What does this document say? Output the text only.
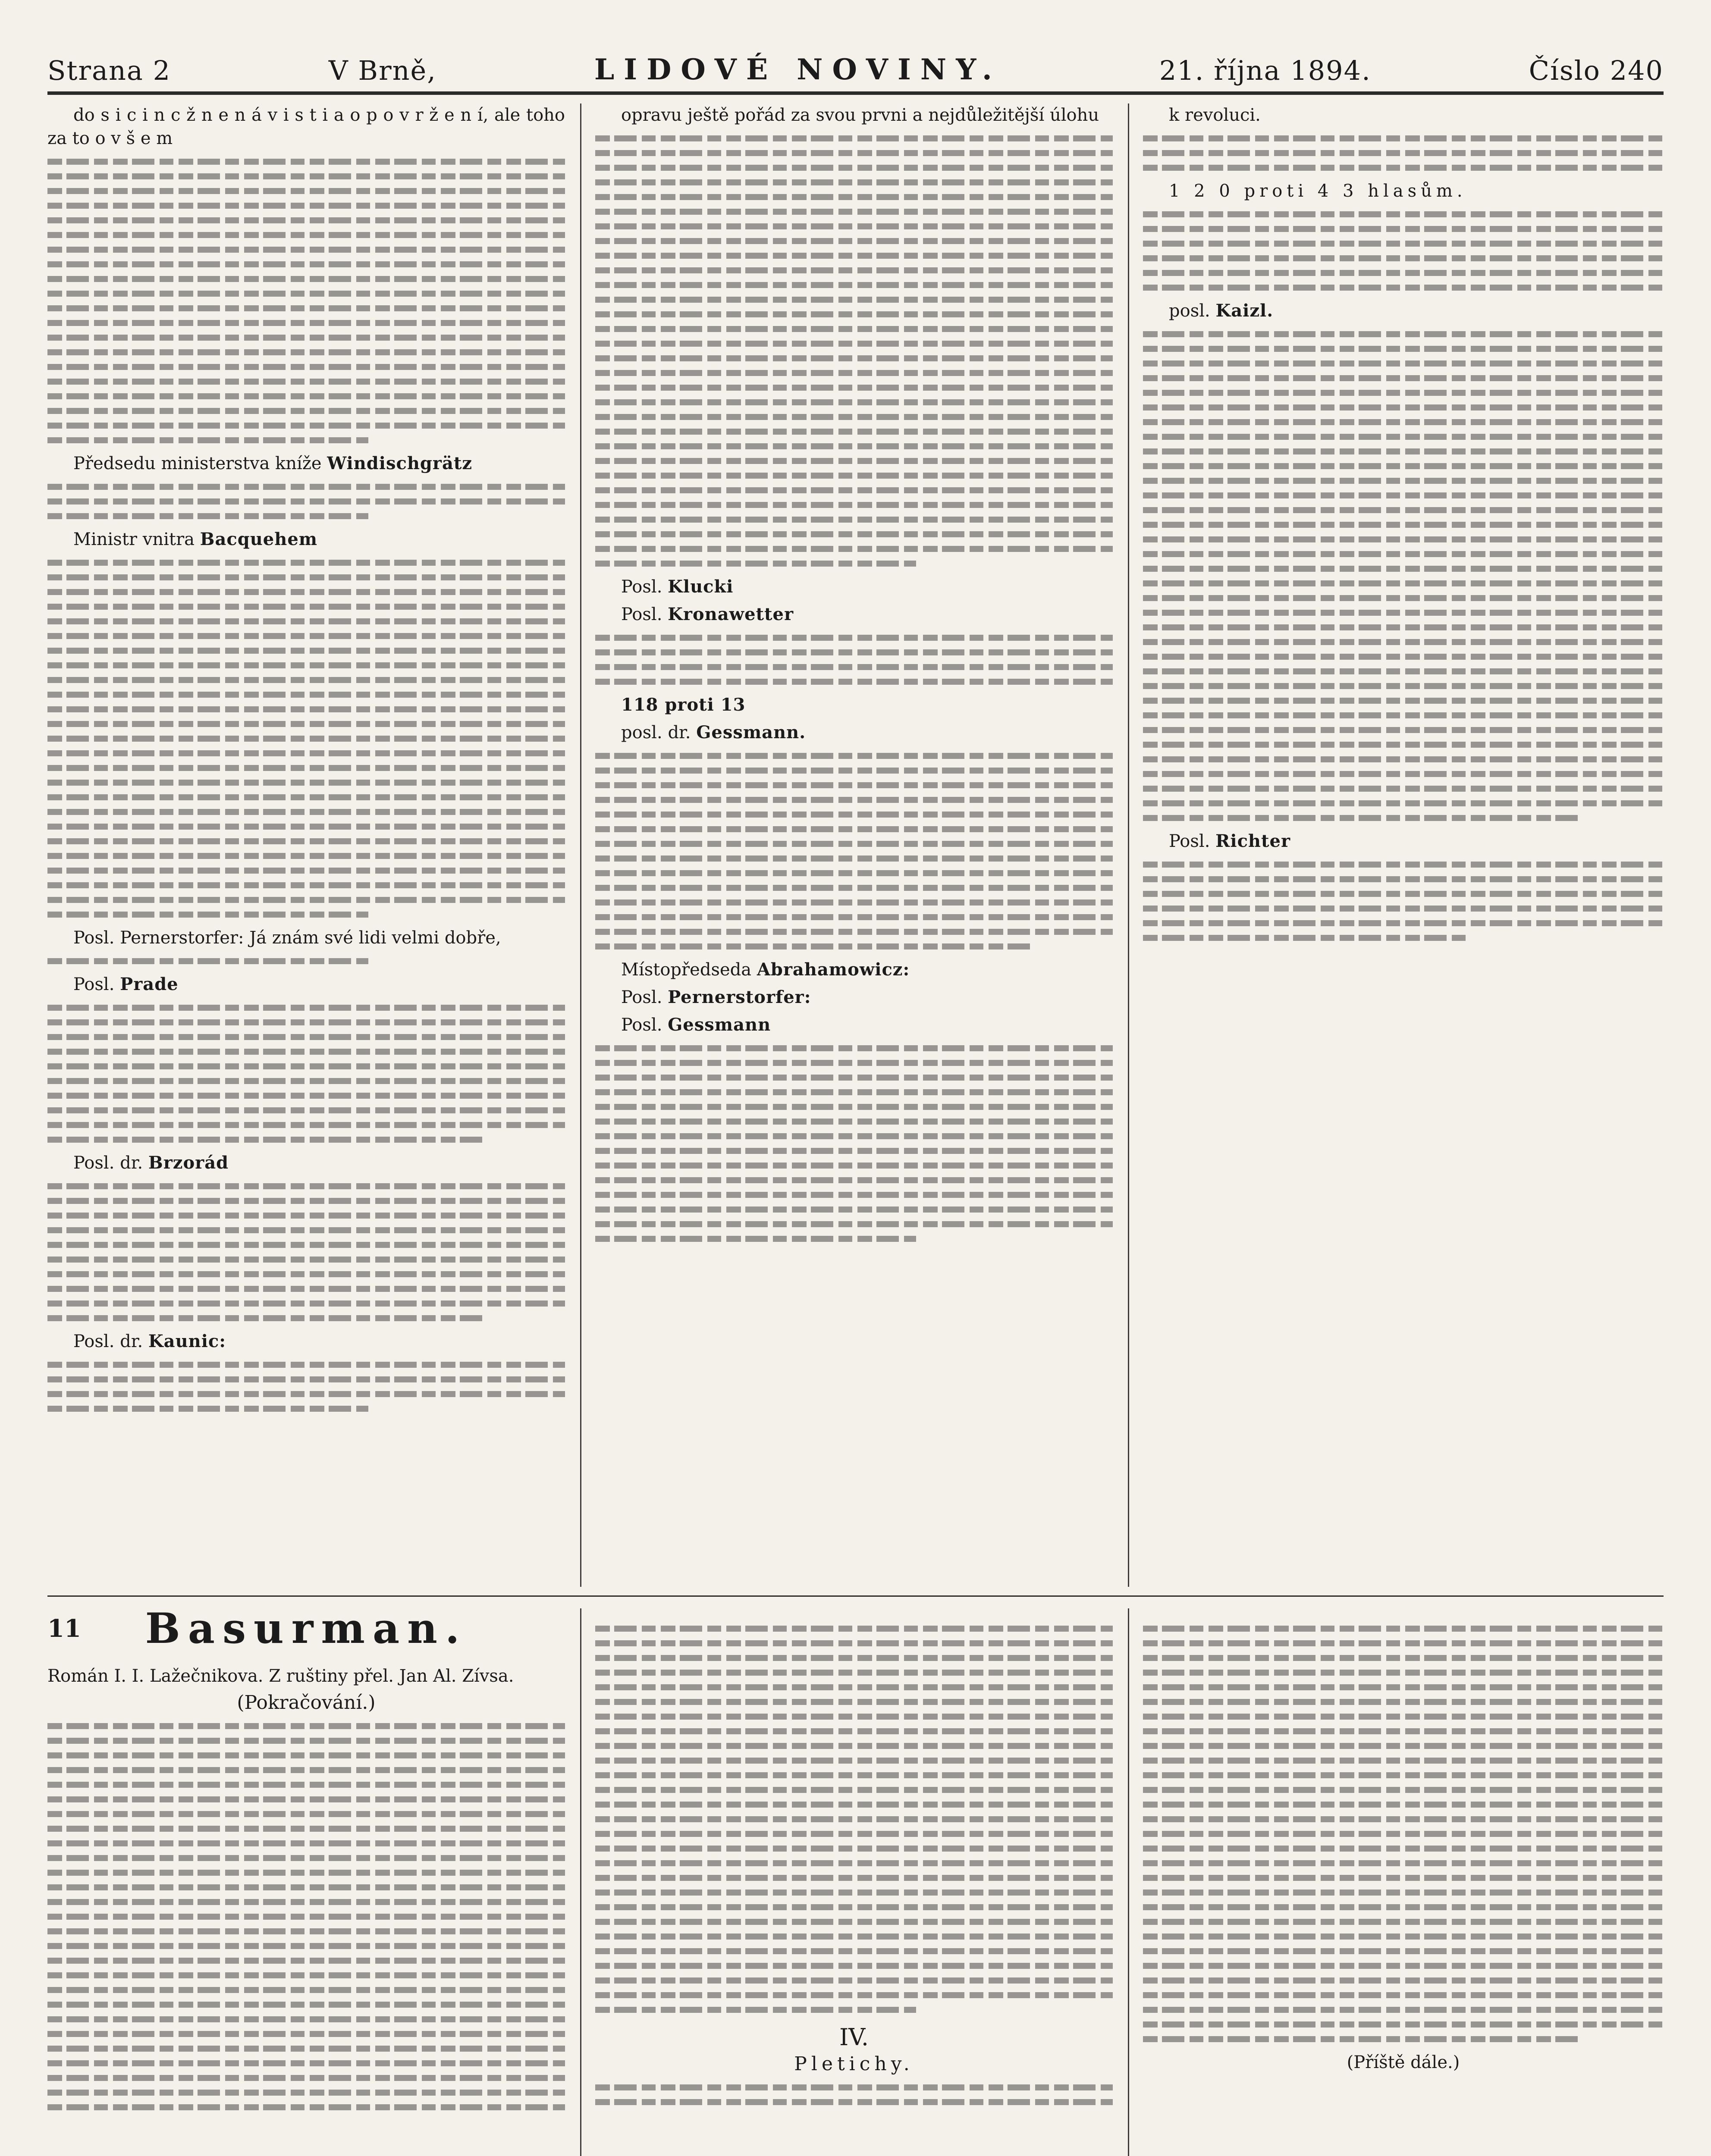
Strana 2	V Brně,	LIDOVÉ NOVINY.	21. října 1894.	Číslo 240
do s i c i n c ž n e n á v i s t i a o p o v r ž e n í, ale toho za to o v š e m
Předsedu ministerstva kníže Windischgrätz
Ministr vnitra Bacquehem
Posl. Pernerstorfer: Já znám své lidi velmi dobře,
Posl. Prade
Posl. dr. Brzorád
Posl. dr. Kaunic:
opravu ještě pořád za svou prvni a nejdůležitější úlohu
Posl. Klucki
Posl. Kronawetter
118 proti 13
posl. dr. Gessmann.
Místopředseda Abrahamowicz:
Posl. Pernerstorfer:
Posl. Gessmann
k revoluci.
1 2 0 proti 4 3 hlasům.
posl. Kaizl.
Posl. Richter
11	Basurman.
Román I. I. Lažečnikova. Z ruštiny přel. Jan Al. Zívsa.
(Pokračování.)
IV.
Pletichy.	(Příště dále.)
